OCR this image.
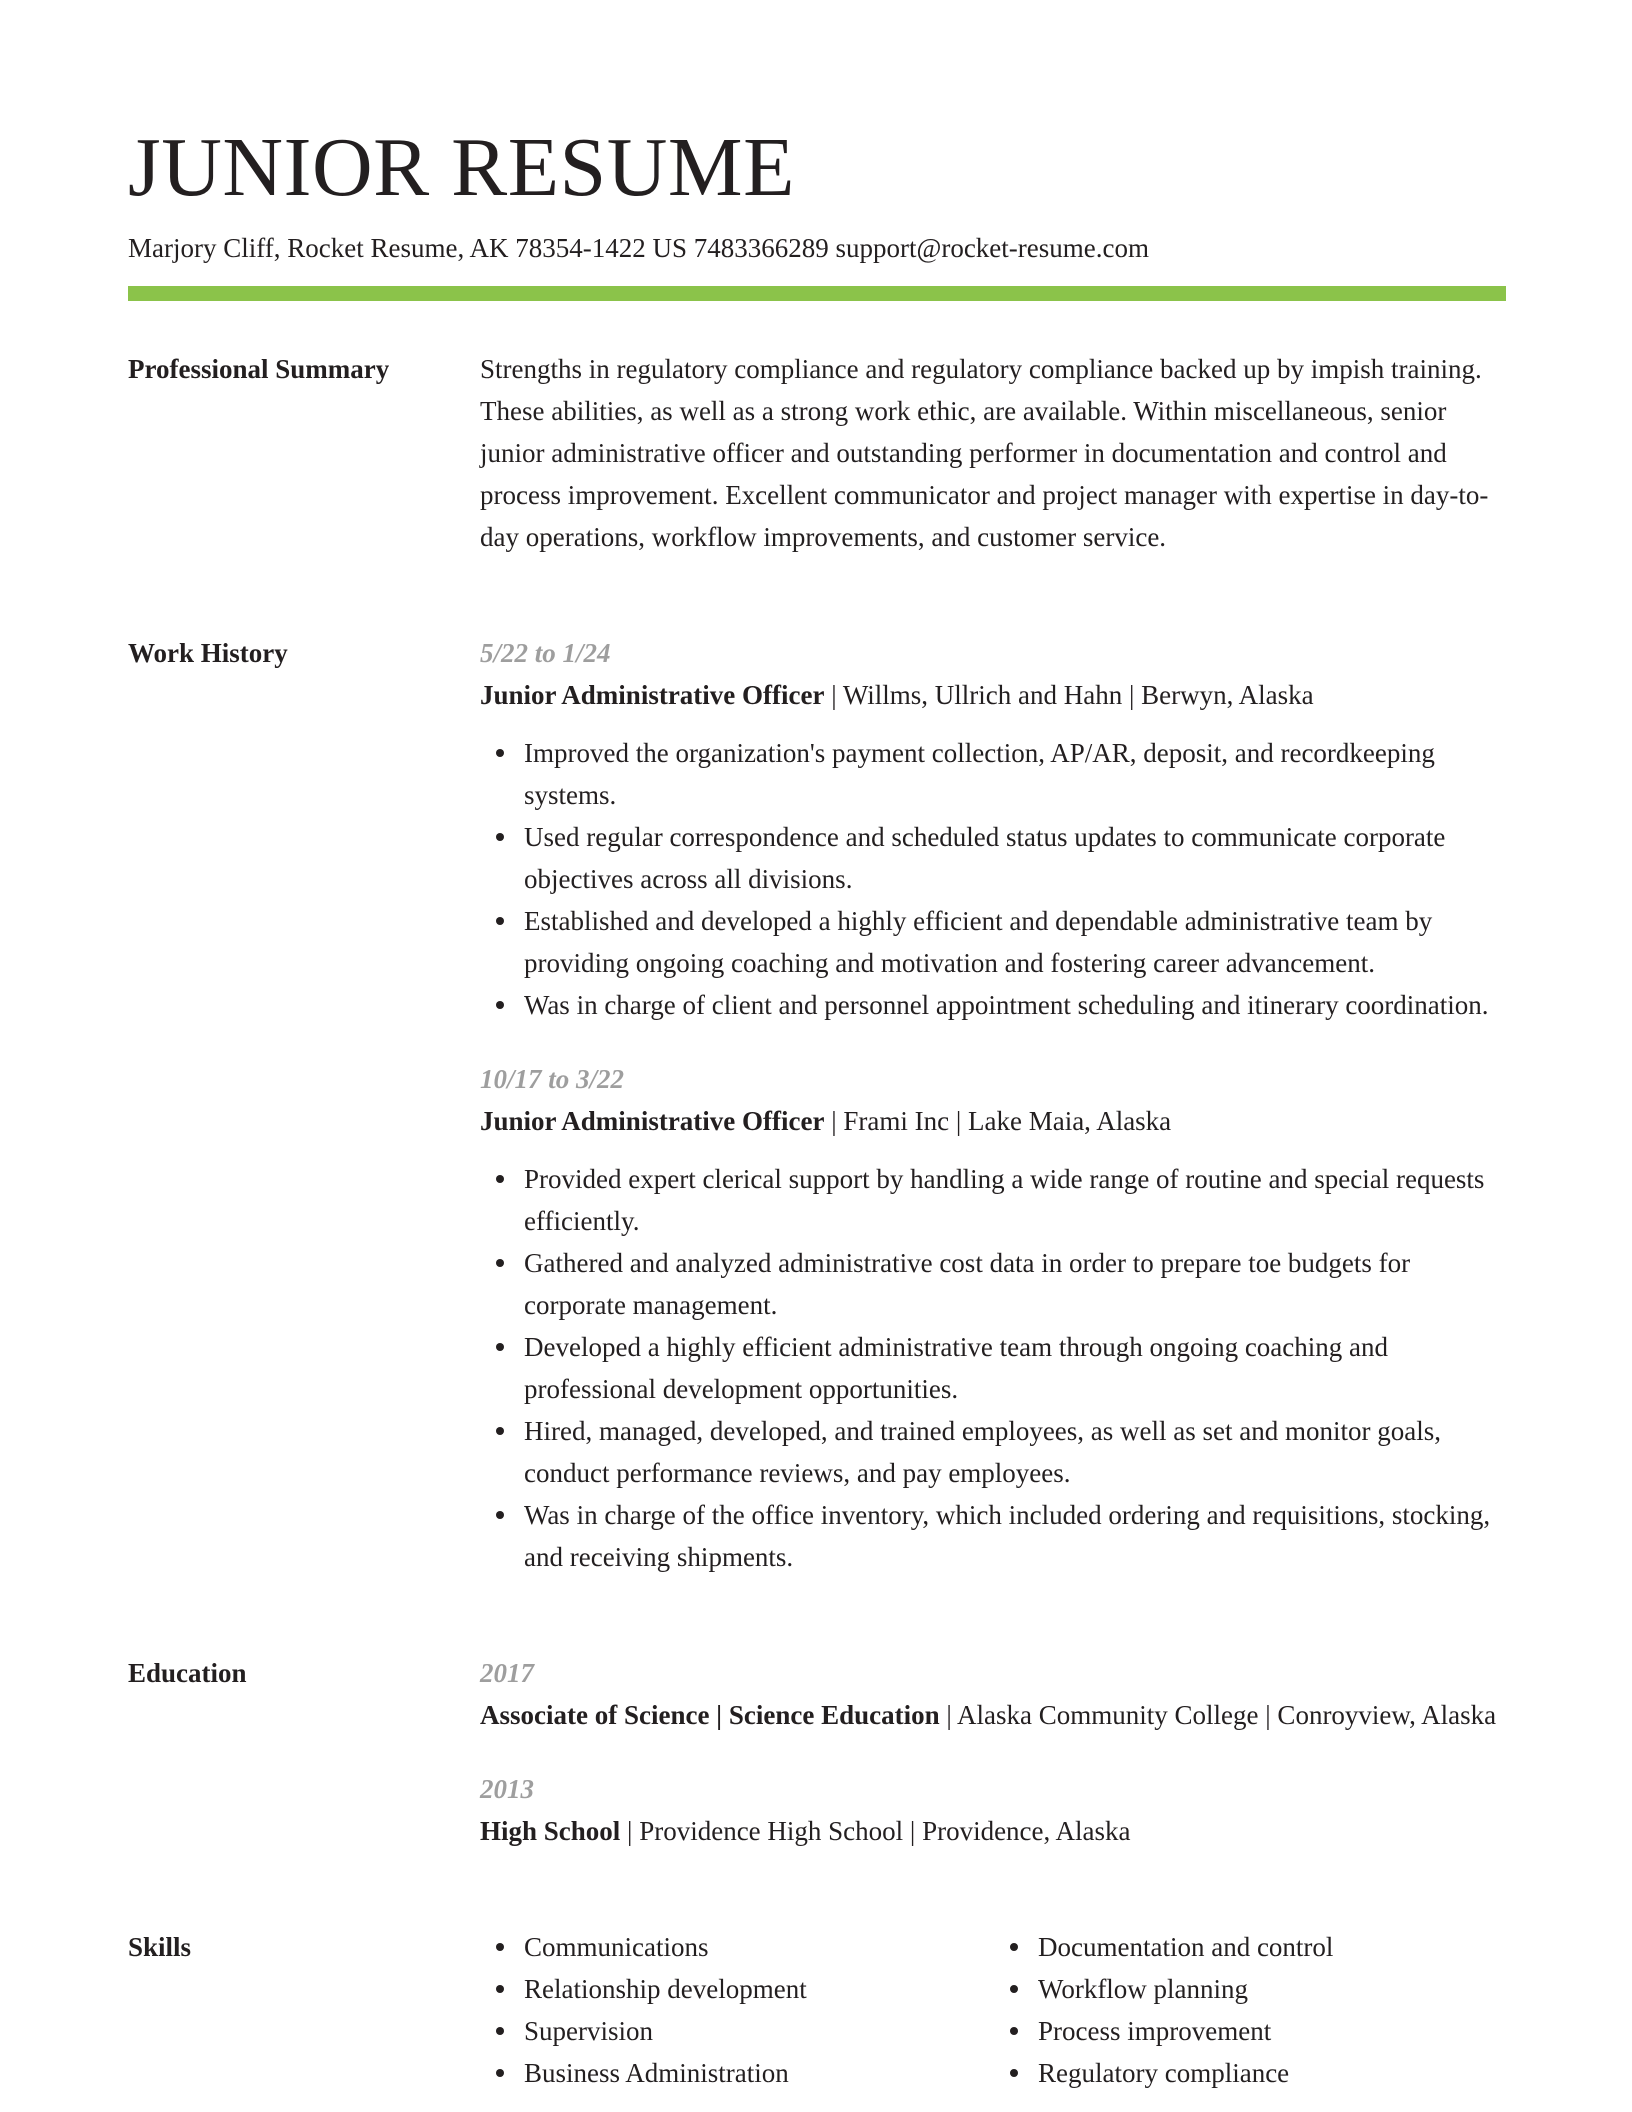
JUNIOR RESUME
Marjory Cliff, Rocket Resume, AK 78354-1422 US 7483366289 support@rocket-resume.com
Professional Summary	Strengths in regulatory compliance and regulatory compliance backed up by impish training. These abilities, as well as a strong work ethic, are available. Within miscellaneous, senior junior administrative officer and outstanding performer in documentation and control and process improvement. Excellent communicator and project manager with expertise in day-to-day operations, workflow improvements, and customer service.

Work History	5/22 to 1/24
Junior Administrative Officer | Willms, Ullrich and Hahn | Berwyn, Alaska
Improved the organization's payment collection, AP/AR, deposit, and recordkeeping systems.
Used regular correspondence and scheduled status updates to communicate corporate objectives across all divisions.
Established and developed a highly efficient and dependable administrative team by providing ongoing coaching and motivation and fostering career advancement.
Was in charge of client and personnel appointment scheduling and itinerary coordination.
10/17 to 3/22
Junior Administrative Officer | Frami Inc | Lake Maia, Alaska
Provided expert clerical support by handling a wide range of routine and special requests efficiently.
Gathered and analyzed administrative cost data in order to prepare toe budgets for corporate management.
Developed a highly efficient administrative team through ongoing coaching and professional development opportunities.
Hired, managed, developed, and trained employees, as well as set and monitor goals, conduct performance reviews, and pay employees.
Was in charge of the office inventory, which included ordering and requisitions, stocking, and receiving shipments.
Education	2017
Associate of Science | Science Education | Alaska Community College | Conroyview, Alaska
2013
High School | Providence High School | Providence, Alaska
Skills	Communications
Relationship development
Supervision
Business Administration
Documentation and control
Workflow planning
Process improvement
Regulatory compliance
